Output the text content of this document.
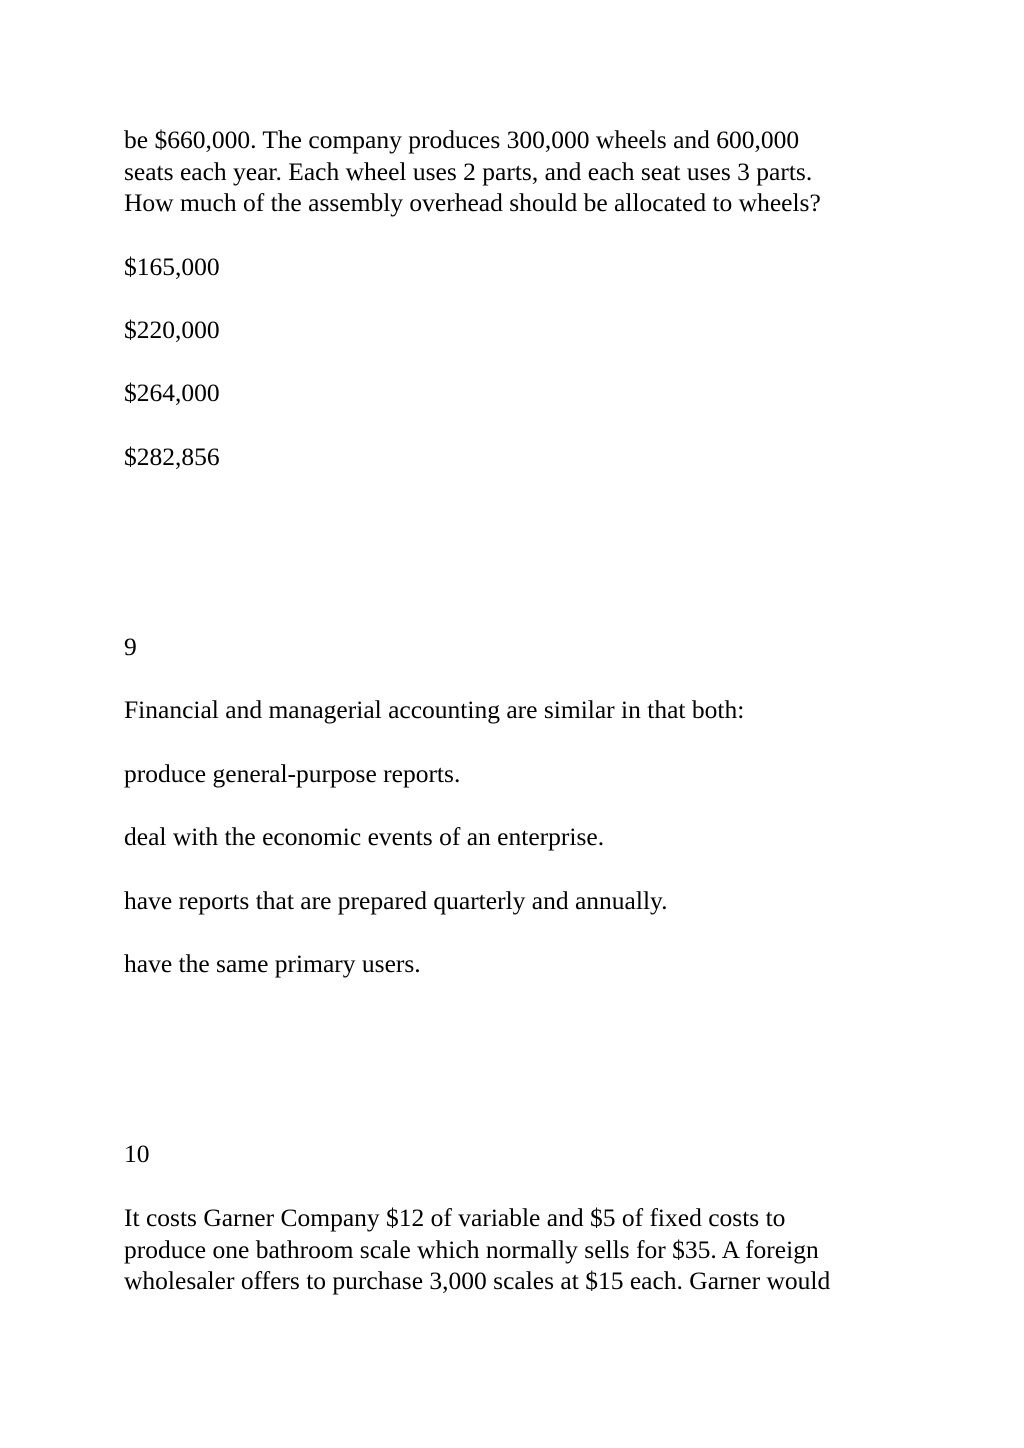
be $660,000. The company produces 300,000 wheels and 600,000
seats each year. Each wheel uses 2 parts, and each seat uses 3 parts.
How much of the assembly overhead should be allocated to wheels?
$165,000
$220,000
$264,000
$282,856
9
Financial and managerial accounting are similar in that both:
produce general-purpose reports.
deal with the economic events of an enterprise.
have reports that are prepared quarterly and annually.
have the same primary users.
10
It costs Garner Company $12 of variable and $5 of fixed costs to
produce one bathroom scale which normally sells for $35. A foreign
wholesaler offers to purchase 3,000 scales at $15 each. Garner would
